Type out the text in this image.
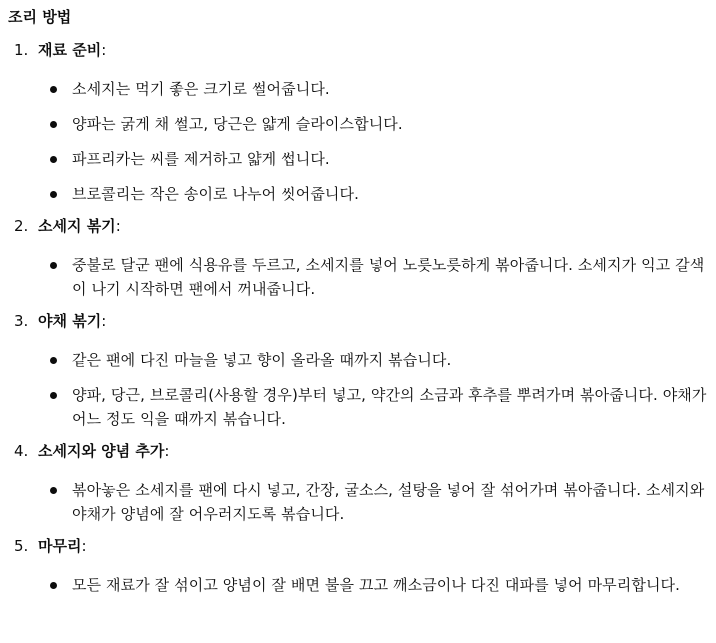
조리 방법
1. 재료 준비:
소세지는 먹기 좋은 크기로 썰어줍니다.
양파는 굵게 채 썰고, 당근은 얇게 슬라이스합니다.
파프리카는 씨를 제거하고 얇게 썹니다.
브로콜리는 작은 송이로 나누어 씻어줍니다.
2. 소세지 볶기:
중불로 달군 팬에 식용유를 두르고, 소세지를 넣어 노릇노릇하게 볶아줍니다. 소세지가 익고 갈색이 나기 시작하면 팬에서 꺼내줍니다.
3. 야채 볶기:
같은 팬에 다진 마늘을 넣고 향이 올라올 때까지 볶습니다.
양파, 당근, 브로콜리(사용할 경우)부터 넣고, 약간의 소금과 후추를 뿌려가며 볶아줍니다. 야채가 어느 정도 익을 때까지 볶습니다.
4. 소세지와 양념 추가:
볶아놓은 소세지를 팬에 다시 넣고, 간장, 굴소스, 설탕을 넣어 잘 섞어가며 볶아줍니다. 소세지와 야채가 양념에 잘 어우러지도록 볶습니다.
5. 마무리:
모든 재료가 잘 섞이고 양념이 잘 배면 불을 끄고 깨소금이나 다진 대파를 넣어 마무리합니다.
